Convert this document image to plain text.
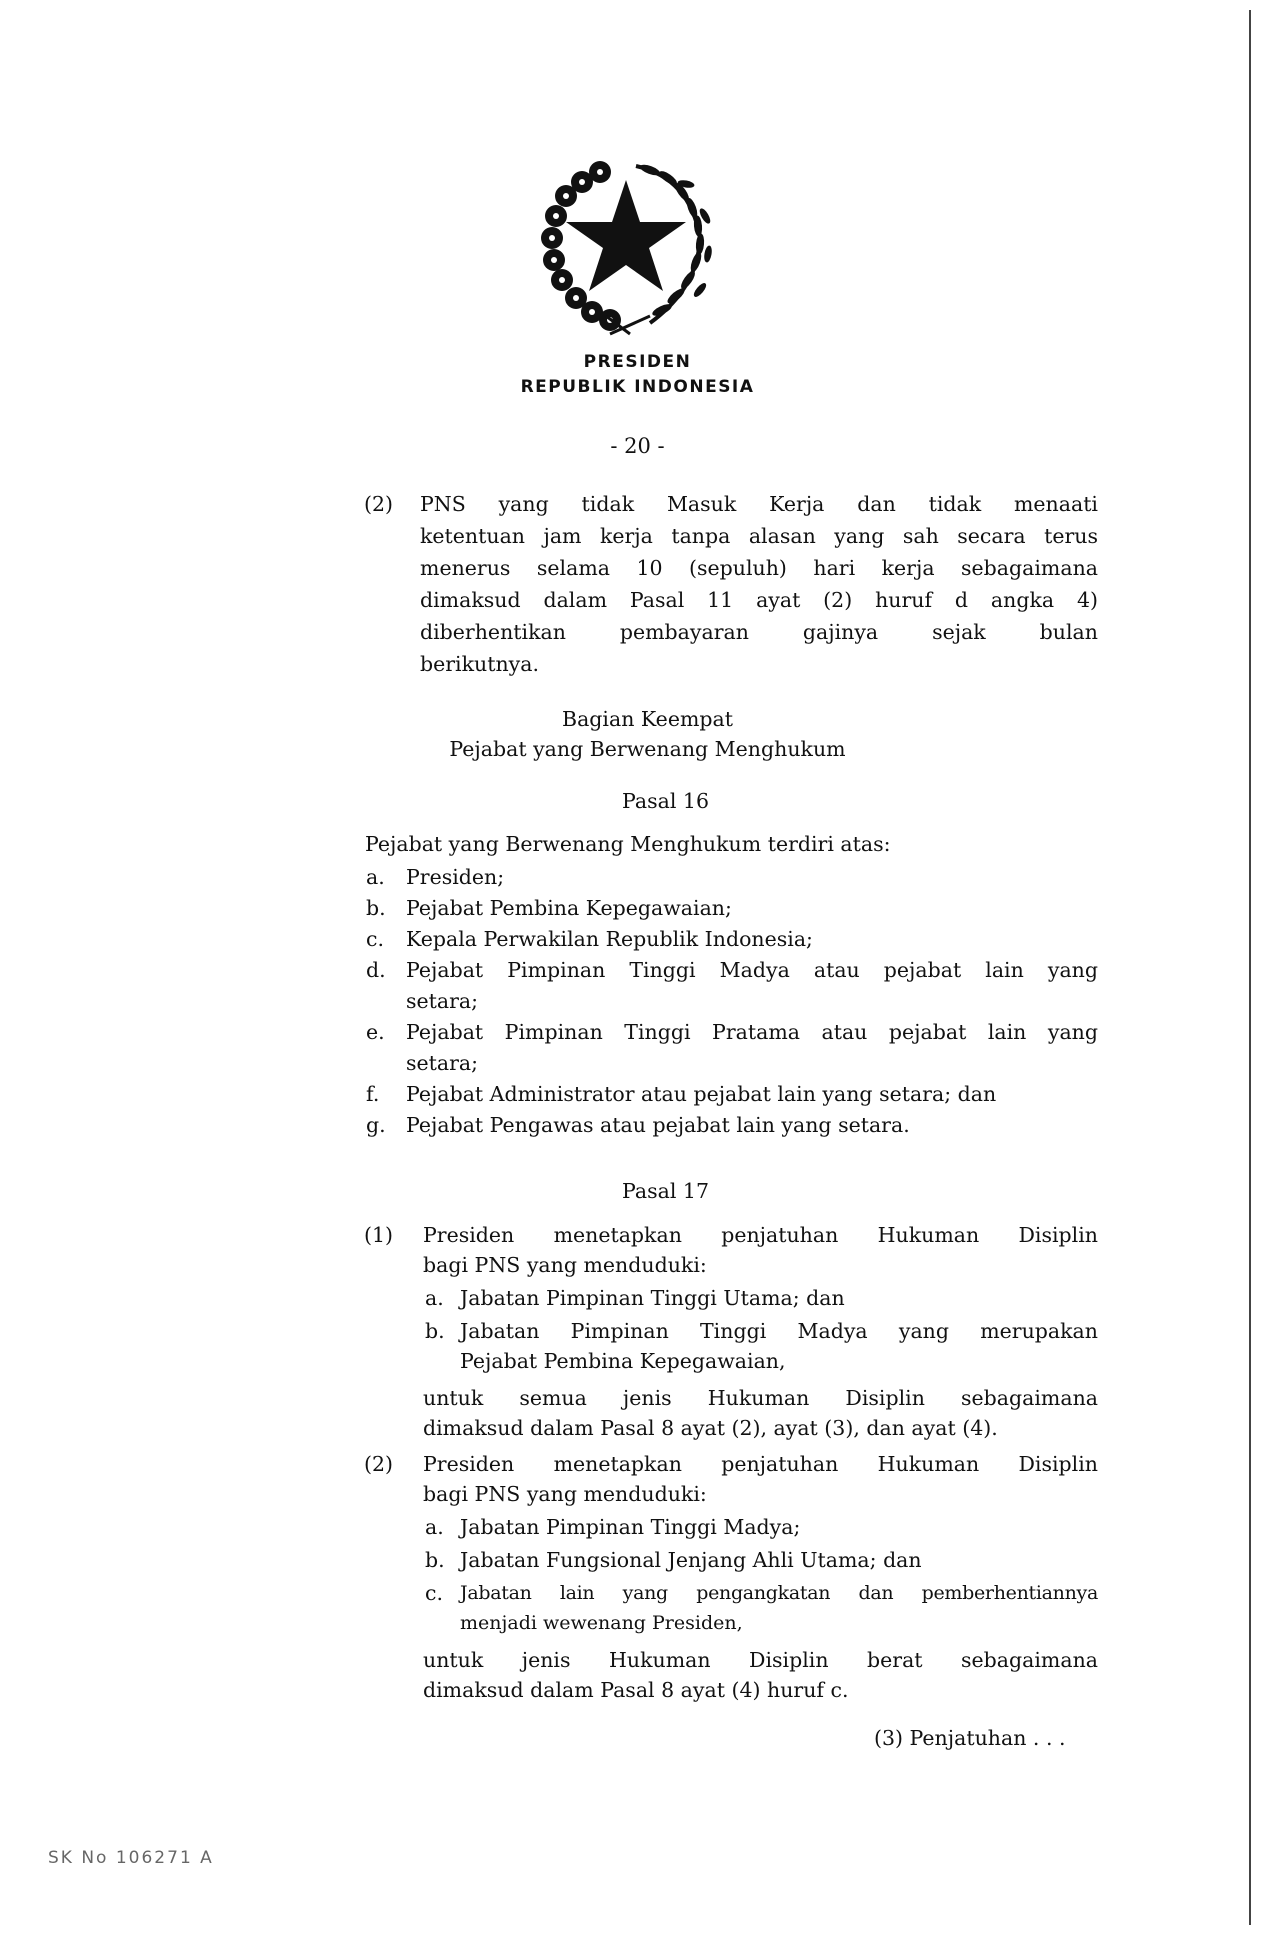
PRESIDEN
REPUBLIK INDONESIA
- 20 -
(2) PNS yang tidak Masuk Kerja dan tidak menaati
ketentuan jam kerja tanpa alasan yang sah secara terus
menerus selama 10 (sepuluh) hari kerja sebagaimana
dimaksud dalam Pasal 11 ayat (2) huruf d angka 4)
diberhentikan pembayaran gajinya sejak bulan
berikutnya.
Bagian Keempat
Pejabat yang Berwenang Menghukum
Pasal 16
Pejabat yang Berwenang Menghukum terdiri atas:
a. Presiden;
b. Pejabat Pembina Kepegawaian;
c. Kepala Perwakilan Republik Indonesia;
d. Pejabat Pimpinan Tinggi Madya atau pejabat lain yang
setara;
e. Pejabat Pimpinan Tinggi Pratama atau pejabat lain yang
setara;
f. Pejabat Administrator atau pejabat lain yang setara; dan
g. Pejabat Pengawas atau pejabat lain yang setara.
Pasal 17
(1) Presiden menetapkan penjatuhan Hukuman Disiplin
bagi PNS yang menduduki:
a. Jabatan Pimpinan Tinggi Utama; dan
b. Jabatan Pimpinan Tinggi Madya yang merupakan
Pejabat Pembina Kepegawaian,
untuk semua jenis Hukuman Disiplin sebagaimana
dimaksud dalam Pasal 8 ayat (2), ayat (3), dan ayat (4).
(2) Presiden menetapkan penjatuhan Hukuman Disiplin
bagi PNS yang menduduki:
a. Jabatan Pimpinan Tinggi Madya;
b. Jabatan Fungsional Jenjang Ahli Utama; dan
c. Jabatan lain yang pengangkatan dan pemberhentiannya
menjadi wewenang Presiden,
untuk jenis Hukuman Disiplin berat sebagaimana
dimaksud dalam Pasal 8 ayat (4) huruf c.
(3) Penjatuhan . . .
SK No 106271 A
